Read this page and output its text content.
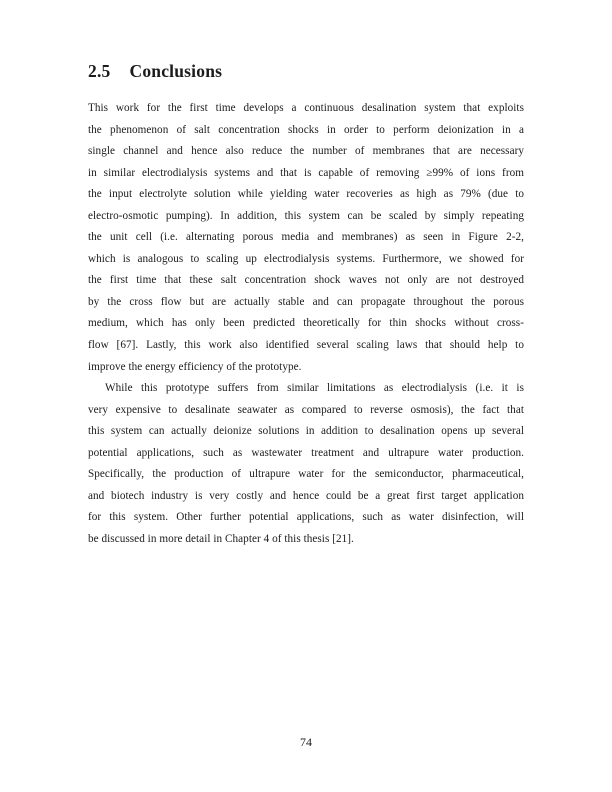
2.5 Conclusions
This work for the first time develops a continuous desalination system that exploits
the phenomenon of salt concentration shocks in order to perform deionization in a
single channel and hence also reduce the number of membranes that are necessary
in similar electrodialysis systems and that is capable of removing ≥99% of ions from
the input electrolyte solution while yielding water recoveries as high as 79% (due to
electro-osmotic pumping). In addition, this system can be scaled by simply repeating
the unit cell (i.e. alternating porous media and membranes) as seen in Figure 2-2,
which is analogous to scaling up electrodialysis systems. Furthermore, we showed for
the first time that these salt concentration shock waves not only are not destroyed
by the cross flow but are actually stable and can propagate throughout the porous
medium, which has only been predicted theoretically for thin shocks without cross-
flow [67]. Lastly, this work also identified several scaling laws that should help to
improve the energy efficiency of the prototype.
While this prototype suffers from similar limitations as electrodialysis (i.e. it is
very expensive to desalinate seawater as compared to reverse osmosis), the fact that
this system can actually deionize solutions in addition to desalination opens up several
potential applications, such as wastewater treatment and ultrapure water production.
Specifically, the production of ultrapure water for the semiconductor, pharmaceutical,
and biotech industry is very costly and hence could be a great first target application
for this system. Other further potential applications, such as water disinfection, will
be discussed in more detail in Chapter 4 of this thesis [21].
74
